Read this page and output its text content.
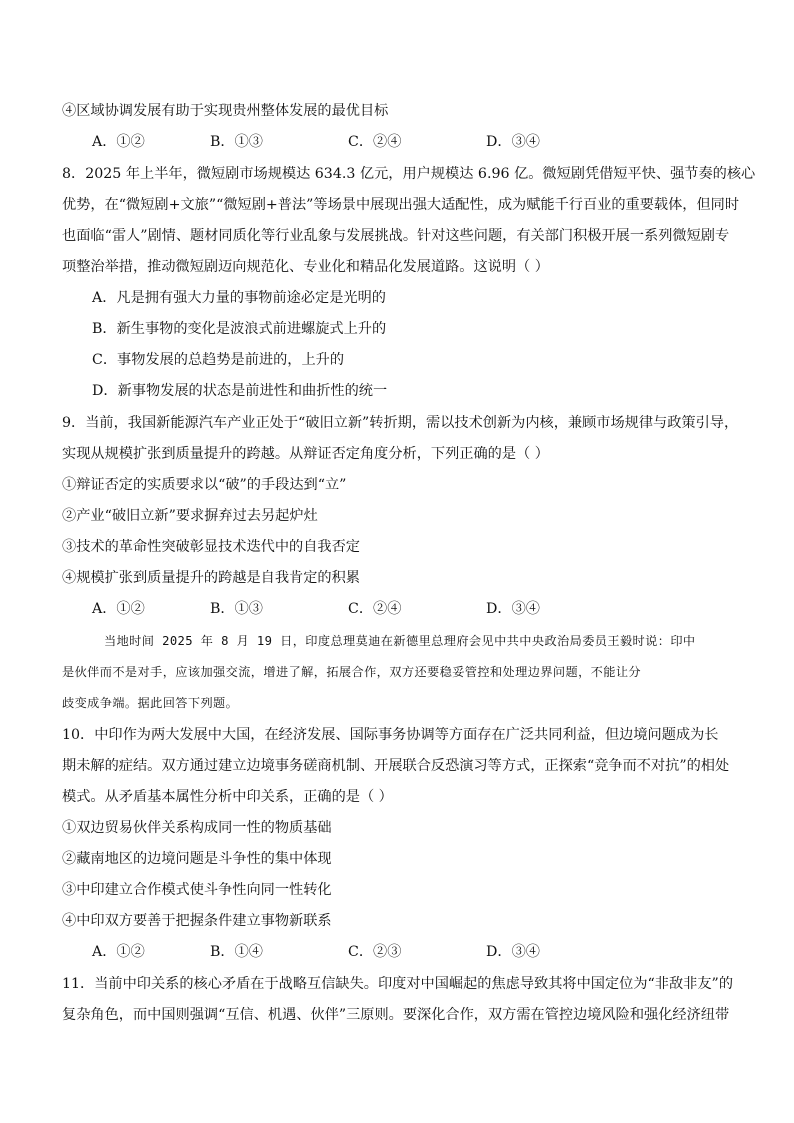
④区域协调发展有助于实现贵州整体发展的最优目标
A．①②	B．①③	C．②④	D．③④
8．2025 年上半年，微短剧市场规模达 634.3 亿元，用户规模达 6.96 亿。微短剧凭借短平快、强节奏的核心
优势，在“微短剧+文旅”“微短剧+普法”等场景中展现出强大适配性，成为赋能千行百业的重要载体，但同时
也面临“雷人”剧情、题材同质化等行业乱象与发展挑战。针对这些问题，有关部门积极开展一系列微短剧专
项整治举措，推动微短剧迈向规范化、专业化和精品化发展道路。这说明（ ）
A．凡是拥有强大力量的事物前途必定是光明的
B．新生事物的变化是波浪式前进螺旋式上升的
C．事物发展的总趋势是前进的，上升的
D．新事物发展的状态是前进性和曲折性的统一
9．当前，我国新能源汽车产业正处于“破旧立新”转折期，需以技术创新为内核，兼顾市场规律与政策引导，
实现从规模扩张到质量提升的跨越。从辩证否定角度分析，下列正确的是（ ）
①辩证否定的实质要求以“破”的手段达到“立”
②产业“破旧立新”要求摒弃过去另起炉灶
③技术的革命性突破彰显技术迭代中的自我否定
④规模扩张到质量提升的跨越是自我肯定的积累
A．①②	B．①③	C．②④	D．③④
当地时间 2025 年 8 月 19 日，印度总理莫迪在新德里总理府会见中共中央政治局委员王毅时说：印中
是伙伴而不是对手，应该加强交流，增进了解，拓展合作，双方还要稳妥管控和处理边界问题，不能让分
歧变成争端。据此回答下列题。
10．中印作为两大发展中大国，在经济发展、国际事务协调等方面存在广泛共同利益，但边境问题成为长
期未解的症结。双方通过建立边境事务磋商机制、开展联合反恐演习等方式，正探索“竞争而不对抗”的相处
模式。从矛盾基本属性分析中印关系，正确的是（ ）
①双边贸易伙伴关系构成同一性的物质基础
②藏南地区的边境问题是斗争性的集中体现
③中印建立合作模式使斗争性向同一性转化
④中印双方要善于把握条件建立事物新联系
A．①②	B．①④	C．②③	D．③④
11．当前中印关系的核心矛盾在于战略互信缺失。印度对中国崛起的焦虑导致其将中国定位为“非敌非友”的
复杂角色，而中国则强调“互信、机遇、伙伴”三原则。要深化合作，双方需在管控边境风险和强化经济纽带
